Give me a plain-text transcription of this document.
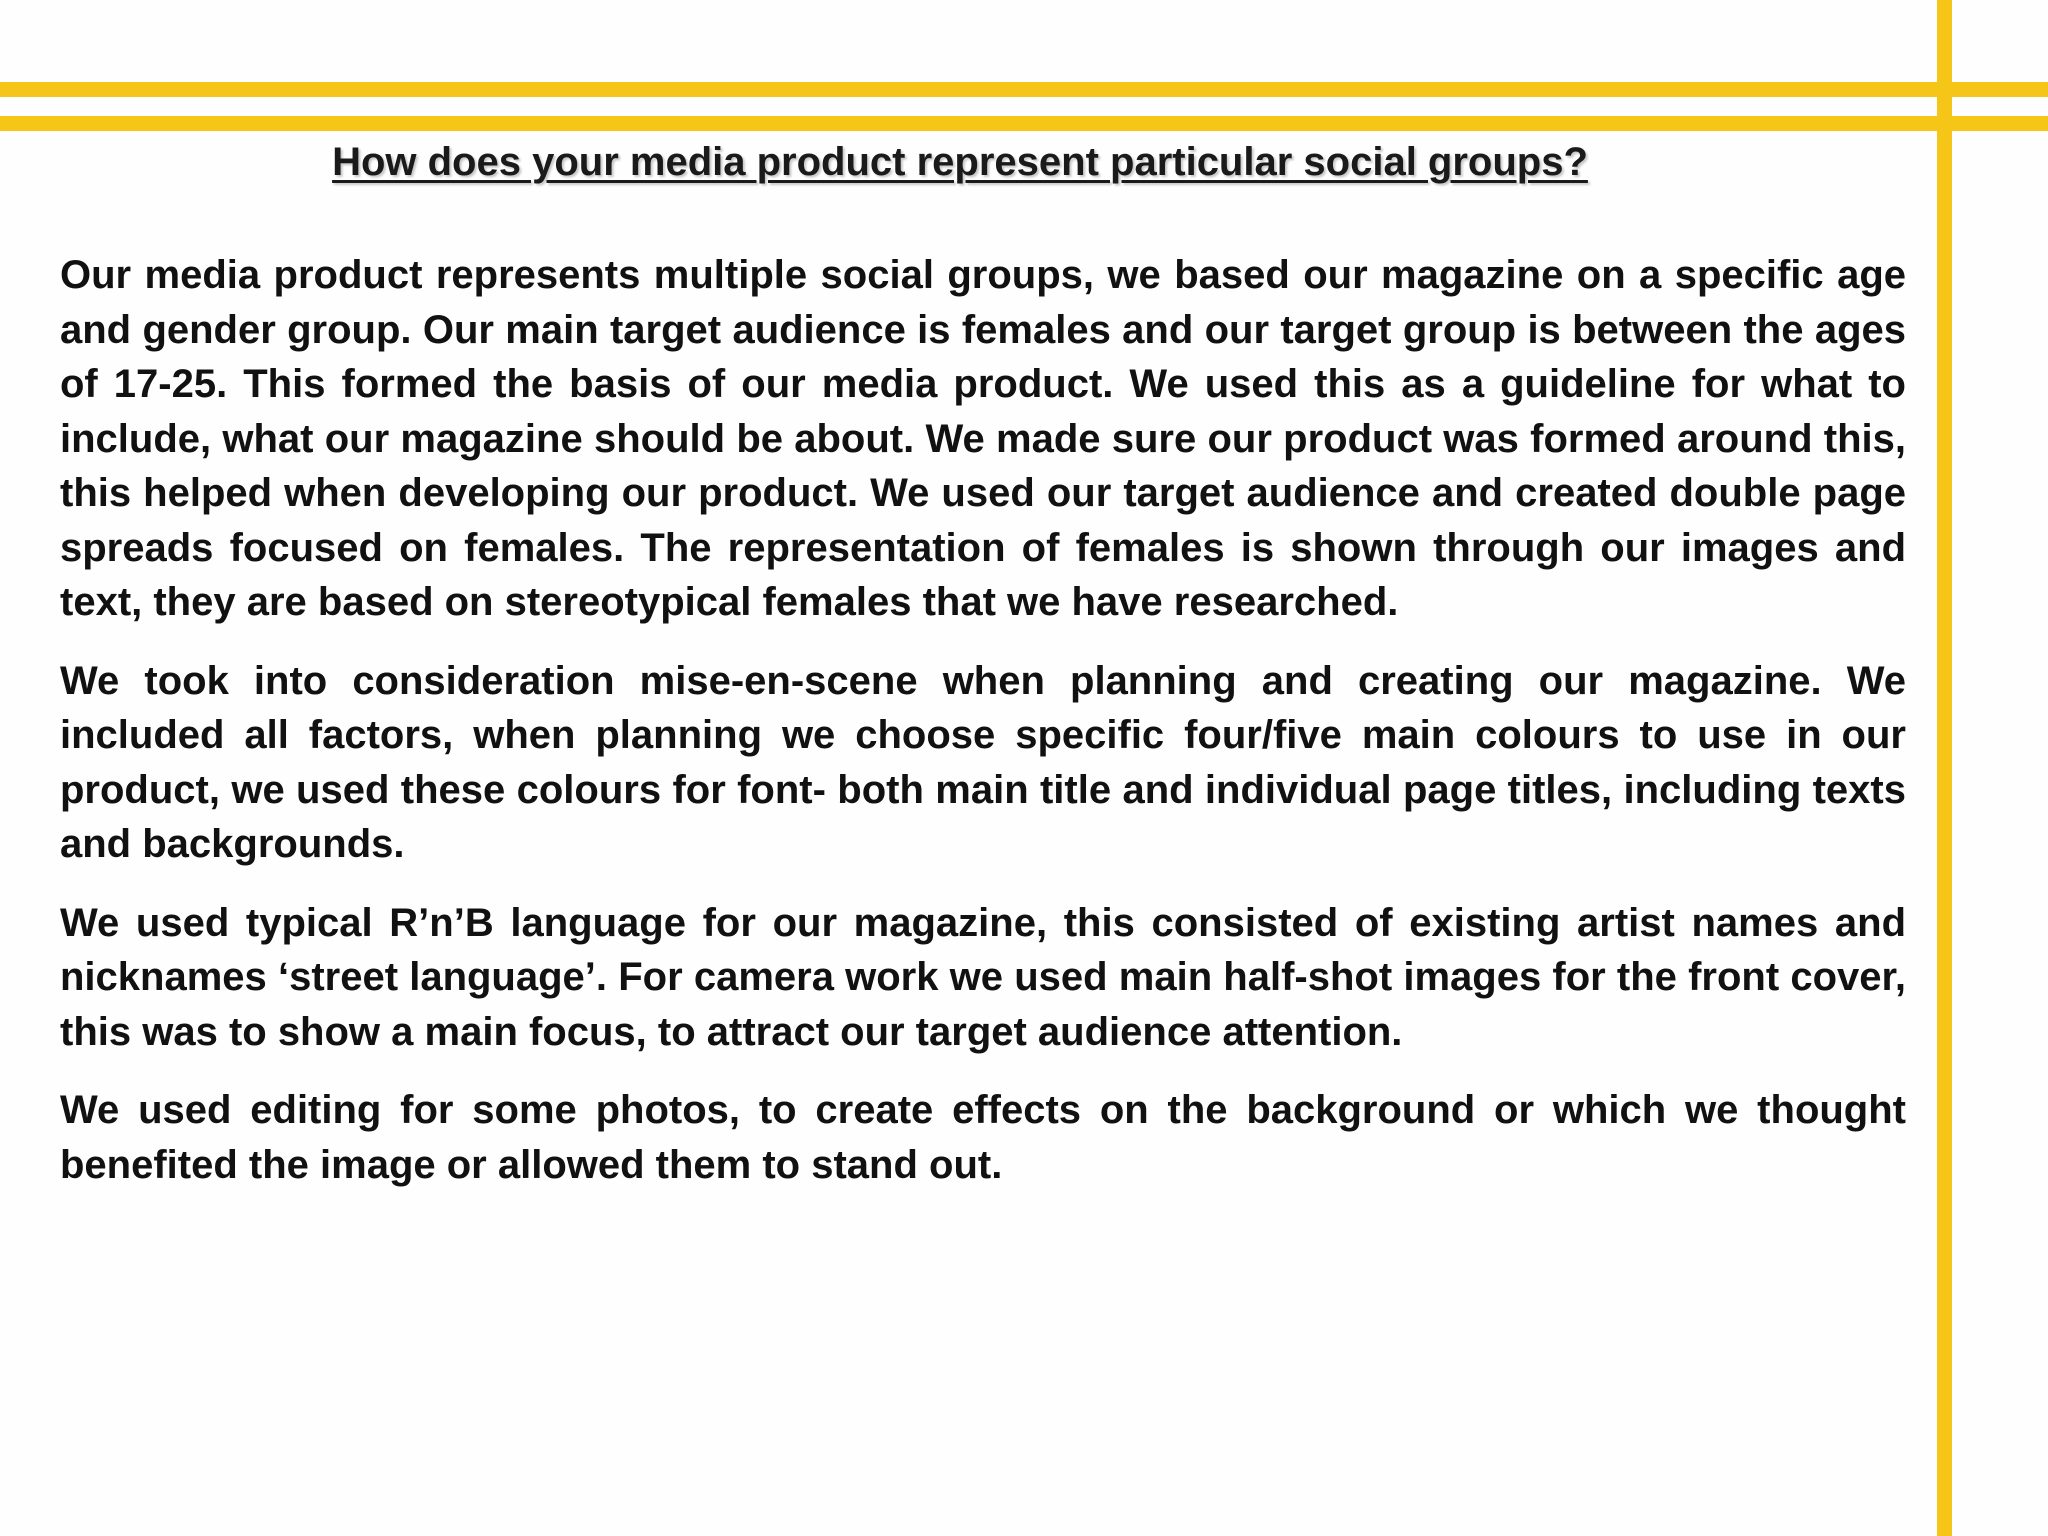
How does your media product represent particular social groups?

Our media product represents multiple social groups, we based our magazine on a specific age and gender group. Our main target audience is females and our target group is between the ages of 17-25. This formed the basis of our media product. We used this as a guideline for what to include, what our magazine should be about. We made sure our product was formed around this, this helped when developing our product. We used our target audience and created double page spreads focused on females. The representation of females is shown through our images and text, they are based on stereotypical females that we have researched.

We took into consideration mise-en-scene when planning and creating our magazine. We included all factors, when planning we choose specific four/five main colours to use in our product, we used these colours for font- both main title and individual page titles, including texts and backgrounds.

We used typical R’n’B language for our magazine, this consisted of existing artist names and nicknames ‘street language’. For camera work we used main half-shot images for the front cover, this was to show a main focus, to attract our target audience attention.

We used editing for some photos, to create effects on the background or which we thought benefited the image or allowed them to stand out.
